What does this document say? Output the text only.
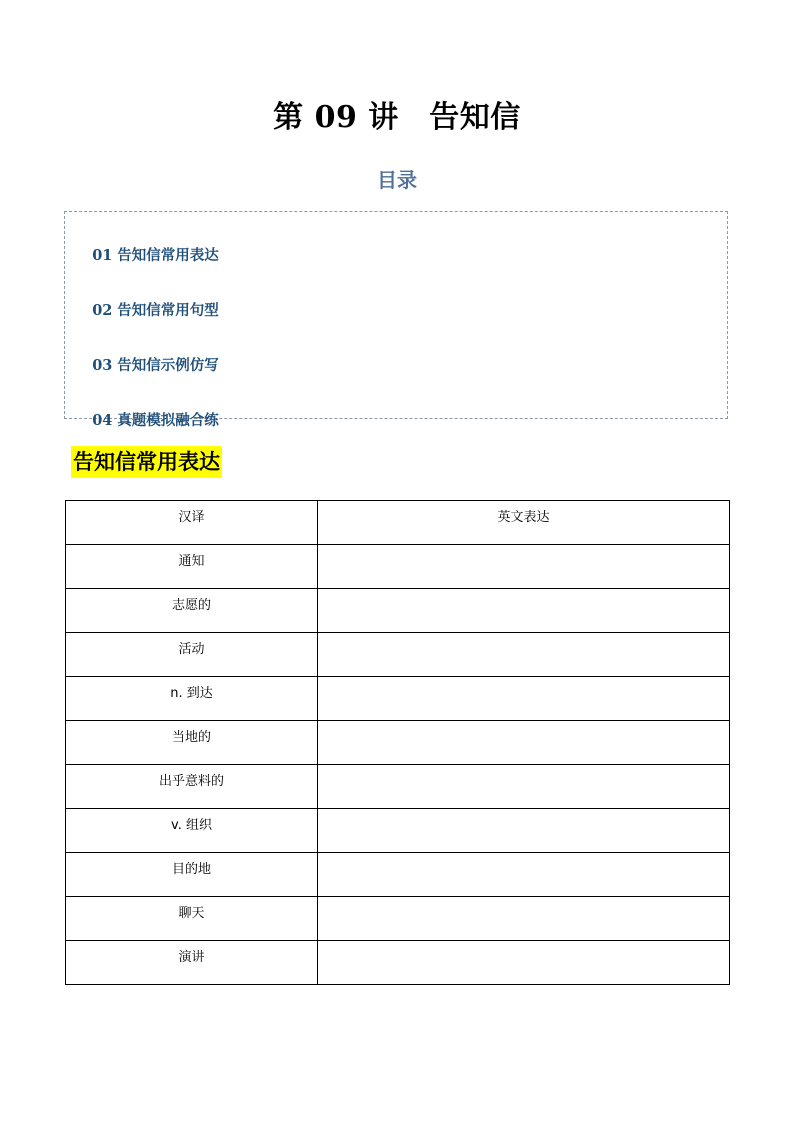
第 09 讲　告知信
目录

01 告知信常用表达

02 告知信常用句型

03 告知信示例仿写

04 真题模拟融合练

告知信常用表达
汉译	英文表达

通知	

志愿的	

活动	

n. 到达	

当地的	

出乎意料的	

v. 组织	

目的地	

聊天	

演讲	
